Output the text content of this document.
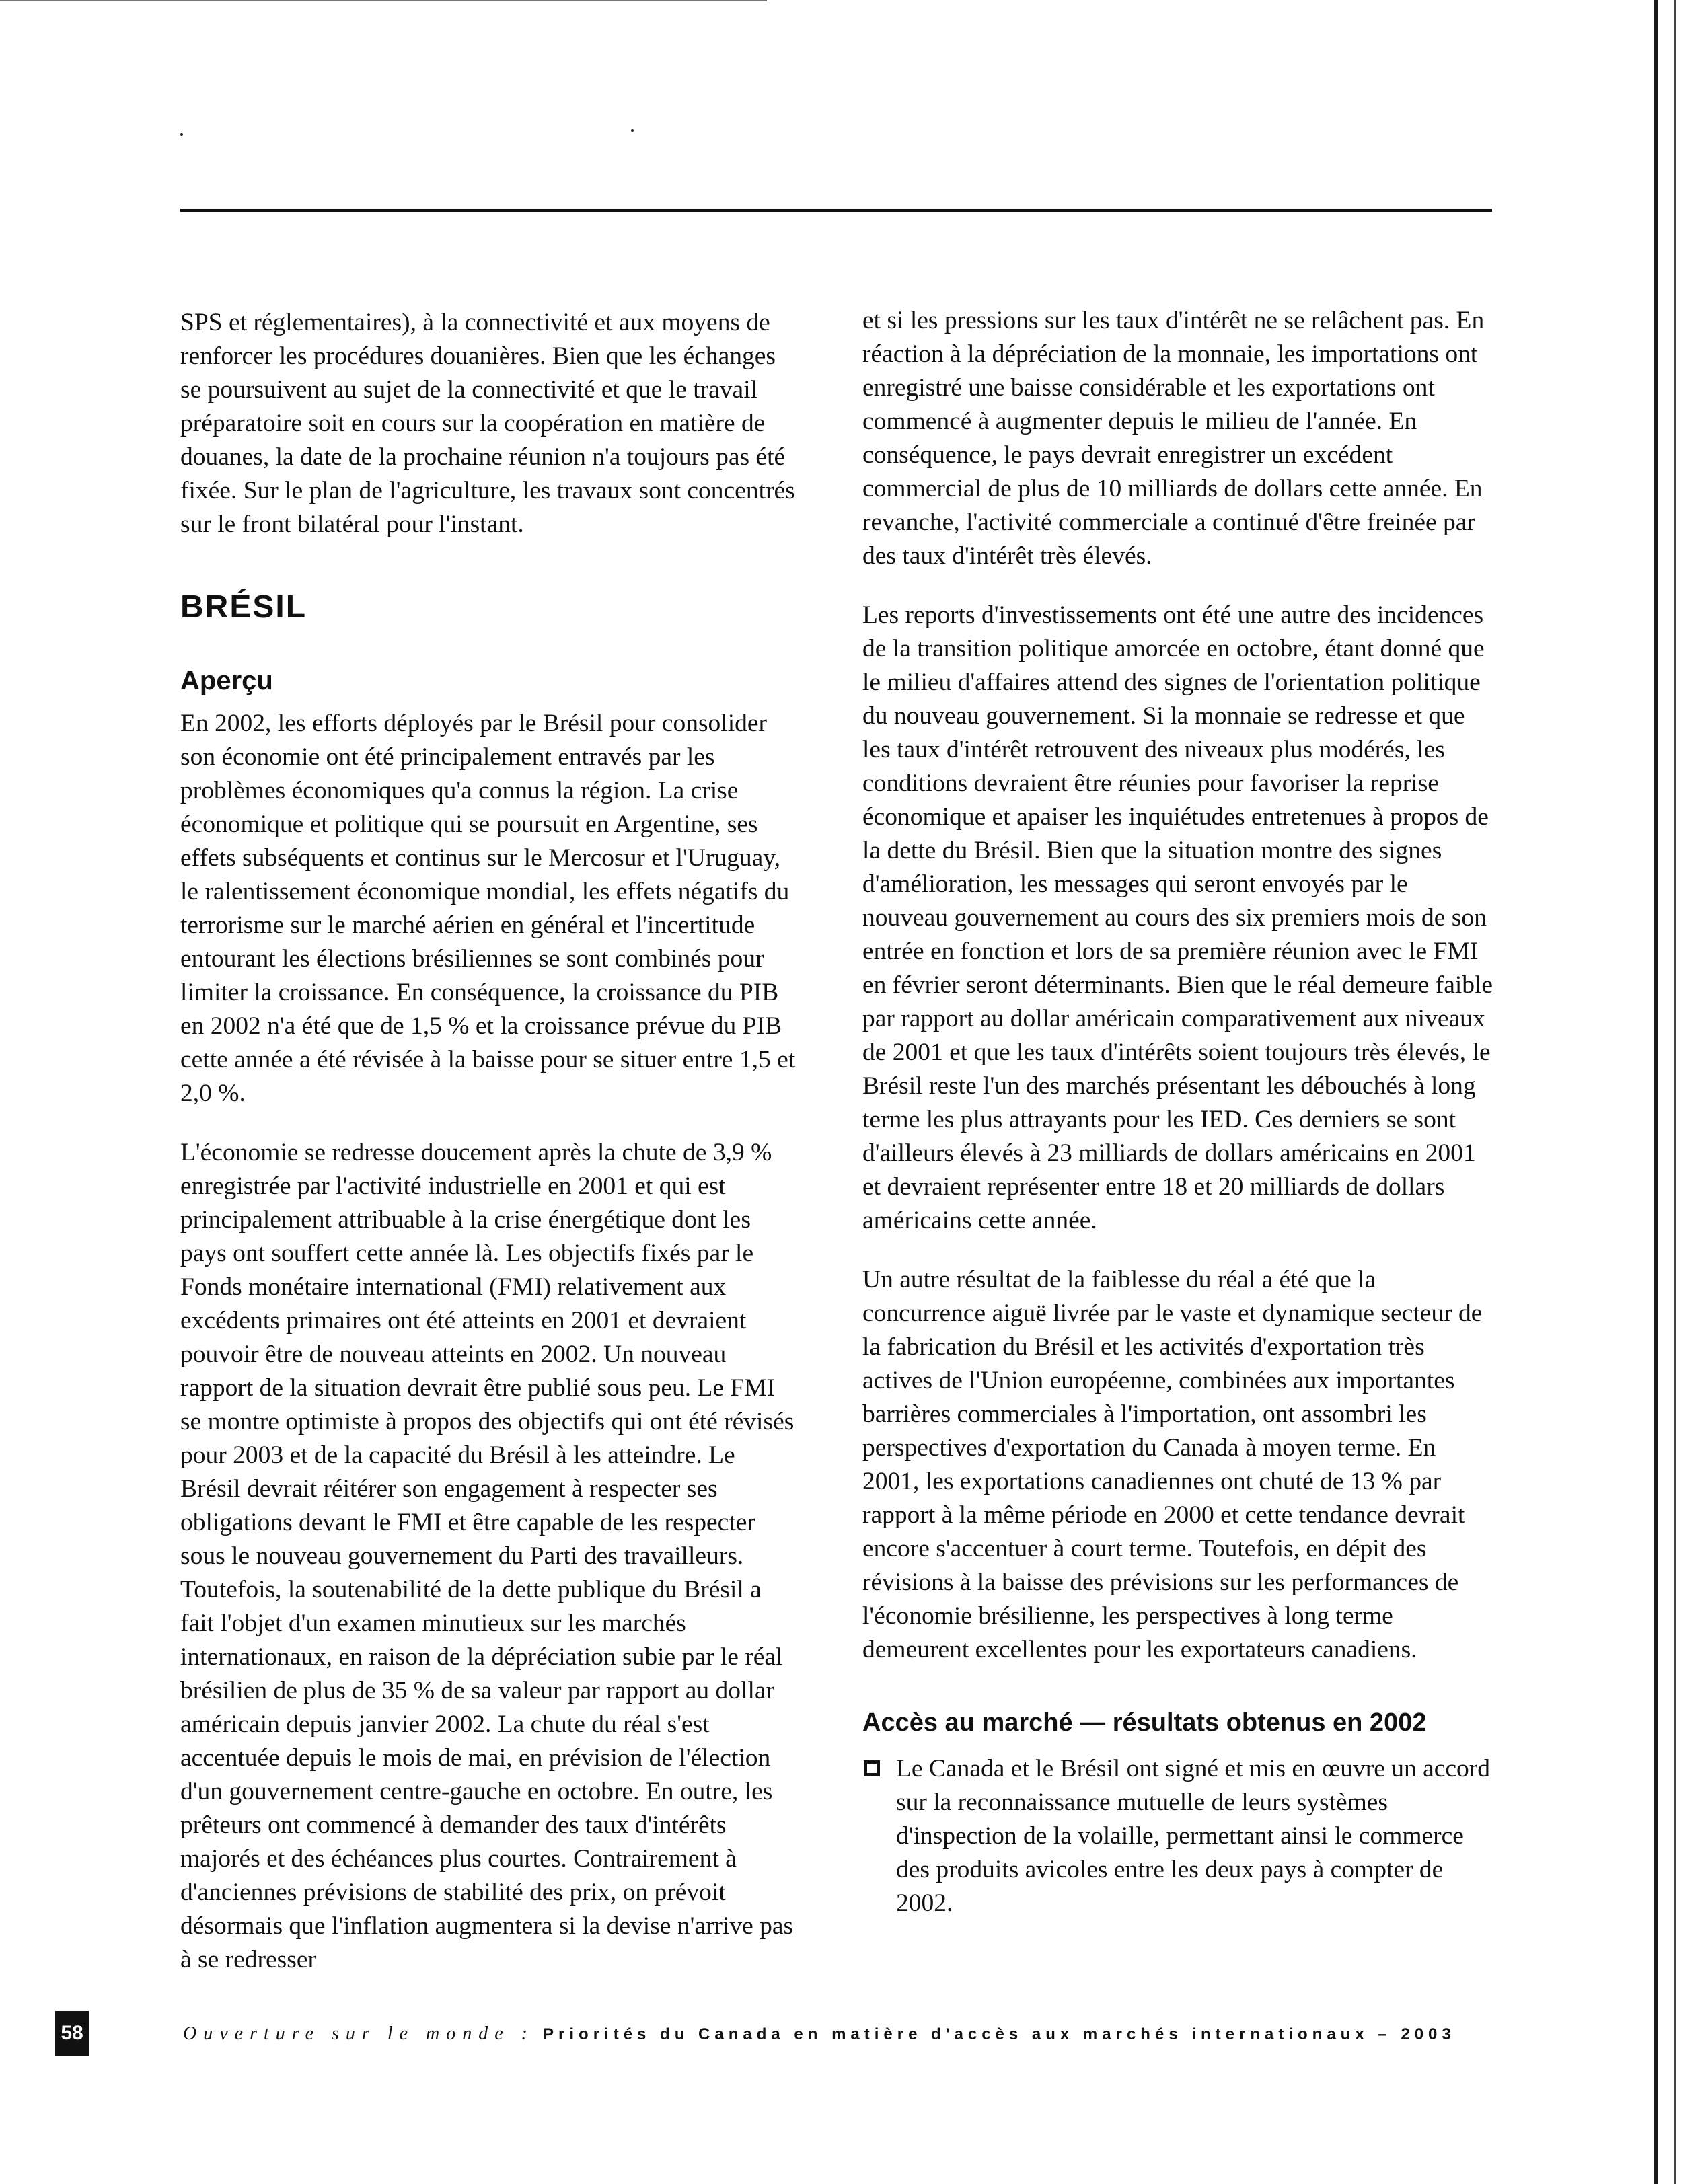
SPS et réglementaires), à la connectivité et aux moyens de renforcer les procédures douanières. Bien que les échanges se poursuivent au sujet de la connectivité et que le travail préparatoire soit en cours sur la coopération en matière de douanes, la date de la prochaine réunion n'a toujours pas été fixée. Sur le plan de l'agriculture, les travaux sont concentrés sur le front bilatéral pour l'instant.

BRÉSIL
Aperçu

En 2002, les efforts déployés par le Brésil pour consolider son économie ont été principalement entravés par les problèmes économiques qu'a connus la région. La crise économique et politique qui se poursuit en Argentine, ses effets subséquents et continus sur le Mercosur et l'Uruguay, le ralentissement économique mondial, les effets négatifs du terrorisme sur le marché aérien en général et l'incertitude entourant les élections brésiliennes se sont combinés pour limiter la croissance. En conséquence, la croissance du PIB en 2002 n'a été que de 1,5 % et la croissance prévue du PIB cette année a été révisée à la baisse pour se situer entre 1,5 et 2,0 %.

L'économie se redresse doucement après la chute de 3,9 % enregistrée par l'activité industrielle en 2001 et qui est principalement attribuable à la crise énergétique dont les pays ont souffert cette année là. Les objectifs fixés par le Fonds monétaire international (FMI) relativement aux excédents primaires ont été atteints en 2001 et devraient pouvoir être de nouveau atteints en 2002. Un nouveau rapport de la situation devrait être publié sous peu. Le FMI se montre optimiste à propos des objectifs qui ont été révisés pour 2003 et de la capacité du Brésil à les atteindre. Le Brésil devrait réitérer son engagement à respecter ses obligations devant le FMI et être capable de les respecter sous le nouveau gouvernement du Parti des travailleurs. Toutefois, la soutenabilité de la dette publique du Brésil a fait l'objet d'un examen minutieux sur les marchés internationaux, en raison de la dépréciation subie par le réal brésilien de plus de 35 % de sa valeur par rapport au dollar américain depuis janvier 2002. La chute du réal s'est accentuée depuis le mois de mai, en prévision de l'élection d'un gouvernement centre-gauche en octobre. En outre, les prêteurs ont commencé à demander des taux d'intérêts majorés et des échéances plus courtes. Contrairement à d'anciennes prévisions de stabilité des prix, on prévoit désormais que l'inflation augmentera si la devise n'arrive pas à se redresser

et si les pressions sur les taux d'intérêt ne se relâchent pas. En réaction à la dépréciation de la monnaie, les importations ont enregistré une baisse considérable et les exportations ont commencé à augmenter depuis le milieu de l'année. En conséquence, le pays devrait enregistrer un excédent commercial de plus de 10 milliards de dollars cette année. En revanche, l'activité commerciale a continué d'être freinée par des taux d'intérêt très élevés.

Les reports d'investissements ont été une autre des incidences de la transition politique amorcée en octobre, étant donné que le milieu d'affaires attend des signes de l'orientation politique du nouveau gouvernement. Si la monnaie se redresse et que les taux d'intérêt retrouvent des niveaux plus modérés, les conditions devraient être réunies pour favoriser la reprise économique et apaiser les inquiétudes entretenues à propos de la dette du Brésil. Bien que la situation montre des signes d'amélioration, les messages qui seront envoyés par le nouveau gouvernement au cours des six premiers mois de son entrée en fonction et lors de sa première réunion avec le FMI en février seront déterminants. Bien que le réal demeure faible par rapport au dollar américain comparativement aux niveaux de 2001 et que les taux d'intérêts soient toujours très élevés, le Brésil reste l'un des marchés présentant les débouchés à long terme les plus attrayants pour les IED. Ces derniers se sont d'ailleurs élevés à 23 milliards de dollars américains en 2001 et devraient représenter entre 18 et 20 milliards de dollars américains cette année.

Un autre résultat de la faiblesse du réal a été que la concurrence aiguë livrée par le vaste et dynamique secteur de la fabrication du Brésil et les activités d'exportation très actives de l'Union européenne, combinées aux importantes barrières commerciales à l'importation, ont assombri les perspectives d'exportation du Canada à moyen terme. En 2001, les exportations canadiennes ont chuté de 13 % par rapport à la même période en 2000 et cette tendance devrait encore s'accentuer à court terme. Toutefois, en dépit des révisions à la baisse des prévisions sur les performances de l'économie brésilienne, les perspectives à long terme demeurent excellentes pour les exportateurs canadiens.

Accès au marché — résultats obtenus en 2002
Le Canada et le Brésil ont signé et mis en œuvre un accord sur la reconnaissance mutuelle de leurs systèmes d'inspection de la volaille, permettant ainsi le commerce des produits avicoles entre les deux pays à compter de 2002.
58	Ouverture sur le monde : Priorités du Canada en matière d'accès aux marchés internationaux – 2003
